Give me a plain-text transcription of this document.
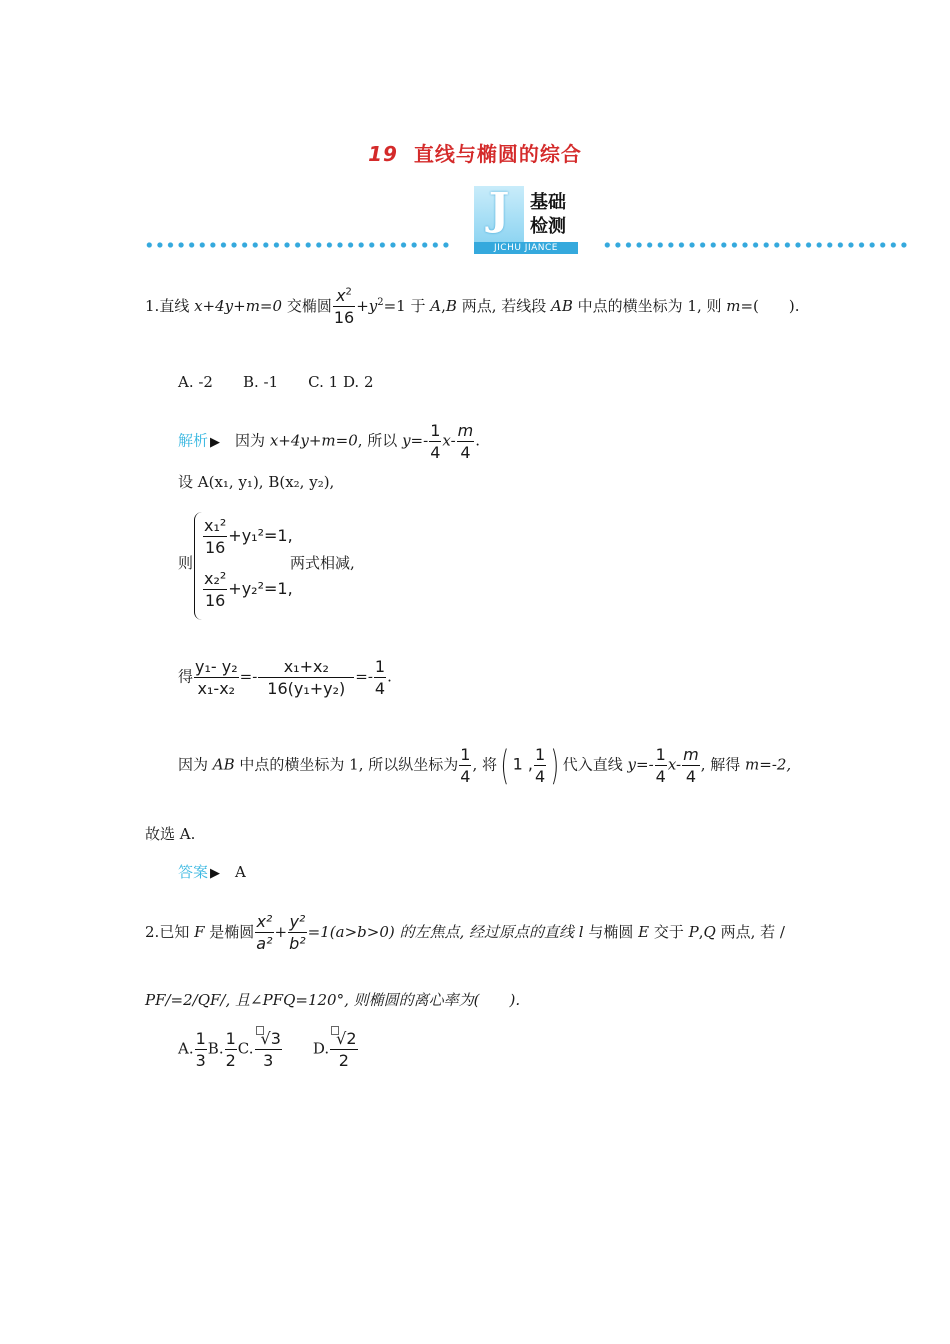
19 直线与椭圆的综合
J	基础
检测
JICHU JIANCE
1.直线 x+4y+m=0 交椭圆 $\frac{x^2}{16} +y^2=1$ 于 A,B 两点, 若线段 AB 中点的横坐标为 1, 则 m=(　　).
A. -2　　B. -1　　C. 1 D. 2
解析 ▶　 因为 x+4y+m=0, 所以 $y=- \frac{1}{4} x- \frac{m}{4}$ .
设 A(x₁, y₁), B(x₂, y₂),
则
$\frac{\text{x₁²}}{16} +y_1^2=1$,
$\frac{\text{x₂²}}{16} +y_2^2=1$,
两式相减,
得 $\frac{\text{y₁- y₂}}{\text{x₁-x₂}} =- \frac{\text{x₁+x₂}}{\text{16(y₁+y₂)}} =- \frac{1}{4}$ .
因为 AB 中点的横坐标为 1, 所以纵坐标为 $\frac{1}{4}$ , 将( 1 , $\frac{1}{4}$ ) 代入直线 $y=- \frac{1}{4} x- \frac{m}{4}$ , 解得 m=-2,
故选 A.
答案 ▶　 A
2.已知 F 是椭圆 $\frac{\text{x²}}{\text{a²}} + \frac{\text{y²}}{\text{b²}} =1(a>b>0)$ 的左焦点, 经过原点的直线 l 与椭圆 E 交于 P,Q 两点, 若 /
PF/=2/QF/, 且∠PFQ=120°, 则椭圆的离心率为(　　).
A. $\frac{1}{3} B$. $\frac{1}{2} C$. $\frac{√3}{3}$
　　 D. $\frac{√2}{2}$
